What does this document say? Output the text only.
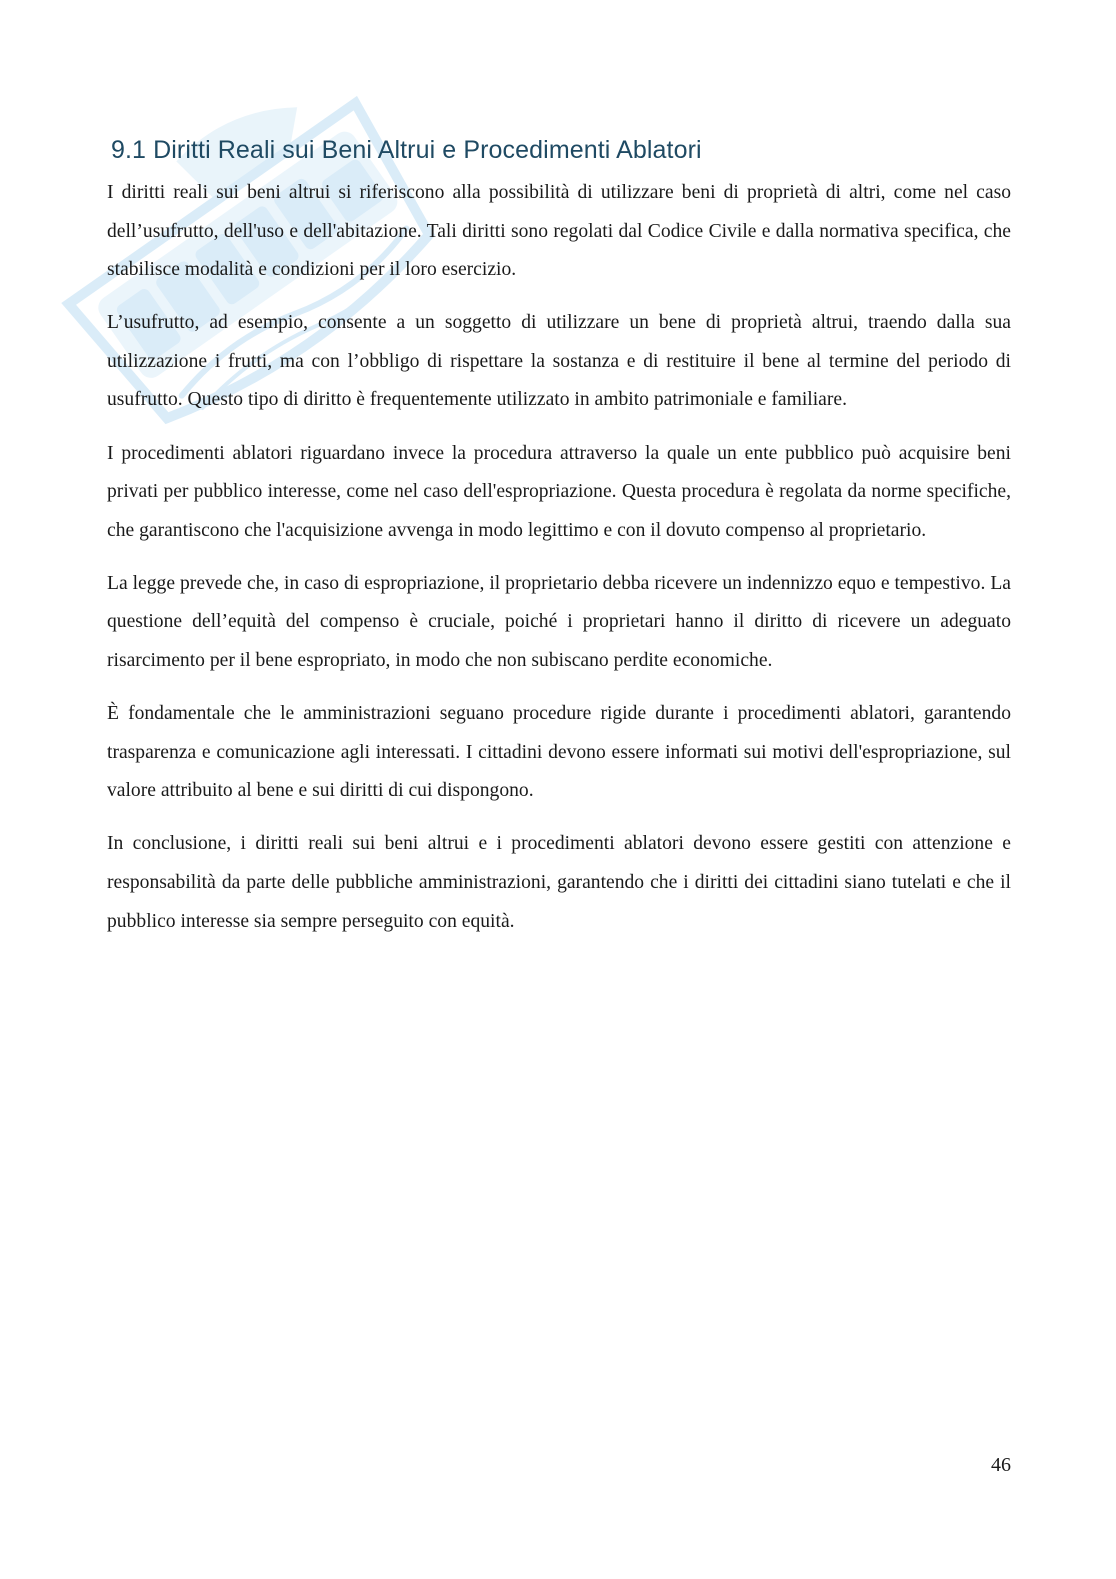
9.1 Diritti Reali sui Beni Altrui e Procedimenti Ablatori

I diritti reali sui beni altrui si riferiscono alla possibilità di utilizzare beni di proprietà di altri, come nel caso dell’usufrutto, dell'uso e dell'abitazione. Tali diritti sono regolati dal Codice Civile e dalla normativa specifica, che stabilisce modalità e condizioni per il loro esercizio.

L’usufrutto, ad esempio, consente a un soggetto di utilizzare un bene di proprietà altrui, traendo dalla sua utilizzazione i frutti, ma con l’obbligo di rispettare la sostanza e di restituire il bene al termine del periodo di usufrutto. Questo tipo di diritto è frequentemente utilizzato in ambito patrimoniale e familiare.

I procedimenti ablatori riguardano invece la procedura attraverso la quale un ente pubblico può acquisire beni privati per pubblico interesse, come nel caso dell'espropriazione. Questa procedura è regolata da norme specifiche, che garantiscono che l'acquisizione avvenga in modo legittimo e con il dovuto compenso al proprietario.

La legge prevede che, in caso di espropriazione, il proprietario debba ricevere un indennizzo equo e tempestivo. La questione dell’equità del compenso è cruciale, poiché i proprietari hanno il diritto di ricevere un adeguato risarcimento per il bene espropriato, in modo che non subiscano perdite economiche.

È fondamentale che le amministrazioni seguano procedure rigide durante i procedimenti ablatori, garantendo trasparenza e comunicazione agli interessati. I cittadini devono essere informati sui motivi dell'espropriazione, sul valore attribuito al bene e sui diritti di cui dispongono.

In conclusione, i diritti reali sui beni altrui e i procedimenti ablatori devono essere gestiti con attenzione e responsabilità da parte delle pubbliche amministrazioni, garantendo che i diritti dei cittadini siano tutelati e che il pubblico interesse sia sempre perseguito con equità.

46
